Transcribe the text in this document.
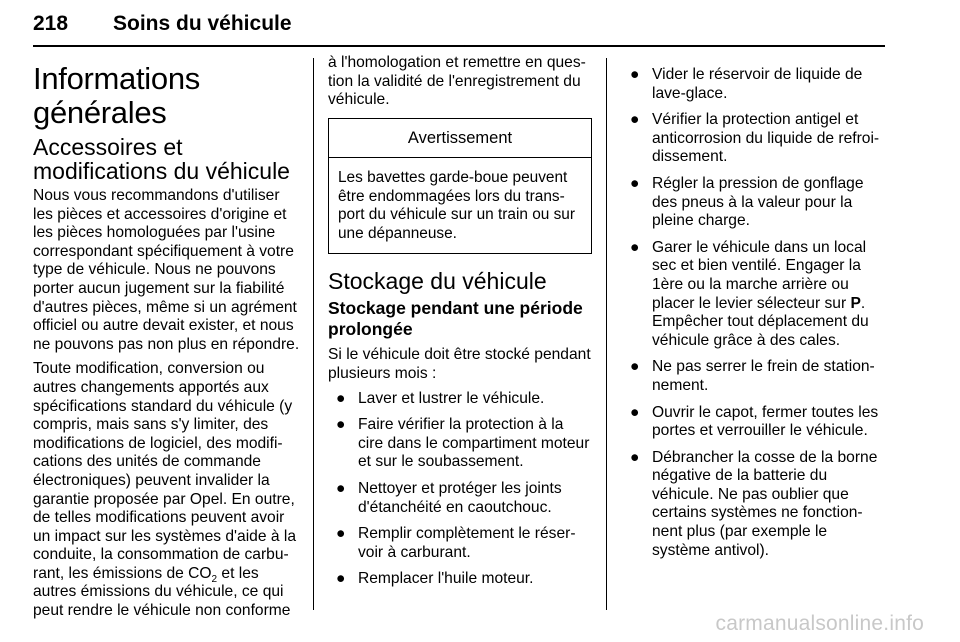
218 Soins du véhicule
Informations générales
Accessoires et modifications du véhicule

Nous vous recommandons d'utiliser les pièces et accessoires d'origine et les pièces homologuées par l'usine correspondant spécifiquement à votre type de véhicule. Nous ne pouvons porter aucun jugement sur la fiabilité d'autres pièces, même si un agrément officiel ou autre devait exister, et nous ne pouvons pas non plus en répondre.

Toute modification, conversion ou autres changements apportés aux spécifications standard du véhicule (y compris, mais sans s'y limiter, des modifications de logiciel, des modifi- cations des unités de commande électroniques) peuvent invalider la garantie proposée par Opel. En outre, de telles modifications peuvent avoir un impact sur les systèmes d'aide à la conduite, la consommation de carbu- rant, les émissions de $CO_2$ et les autres émissions du véhicule, ce qui peut rendre le véhicule non conforme

à l'homologation et remettre en ques- tion la validité de l'enregistrement du véhicule.

Avertissement
Les bavettes garde-boue peuvent être endommagées lors du trans- port du véhicule sur un train ou sur une dépanneuse.
Stockage du véhicule
Stockage pendant une période prolongée

Si le véhicule doit être stocké pendant plusieurs mois :

● Laver et lustrer le véhicule.
● Faire vérifier la protection à la cire dans le compartiment moteur et sur le soubassement.
● Nettoyer et protéger les joints d'étanchéité en caoutchouc.
● Remplir complètement le réser- voir à carburant.
● Remplacer l'huile moteur.
● Vider le réservoir de liquide de lave-glace.
● Vérifier la protection antigel et anticorrosion du liquide de refroi- dissement.
● Régler la pression de gonflage des pneus à la valeur pour la pleine charge.
● Garer le véhicule dans un local sec et bien ventilé. Engager la 1ère ou la marche arrière ou placer le levier sélecteur sur P. Empêcher tout déplacement du véhicule grâce à des cales.
● Ne pas serrer le frein de station- nement.
● Ouvrir le capot, fermer toutes les portes et verrouiller le véhicule.
● Débrancher la cosse de la borne négative de la batterie du véhicule. Ne pas oublier que certains systèmes ne fonction- nent plus (par exemple le système antivol).
carmanualsonline.info
